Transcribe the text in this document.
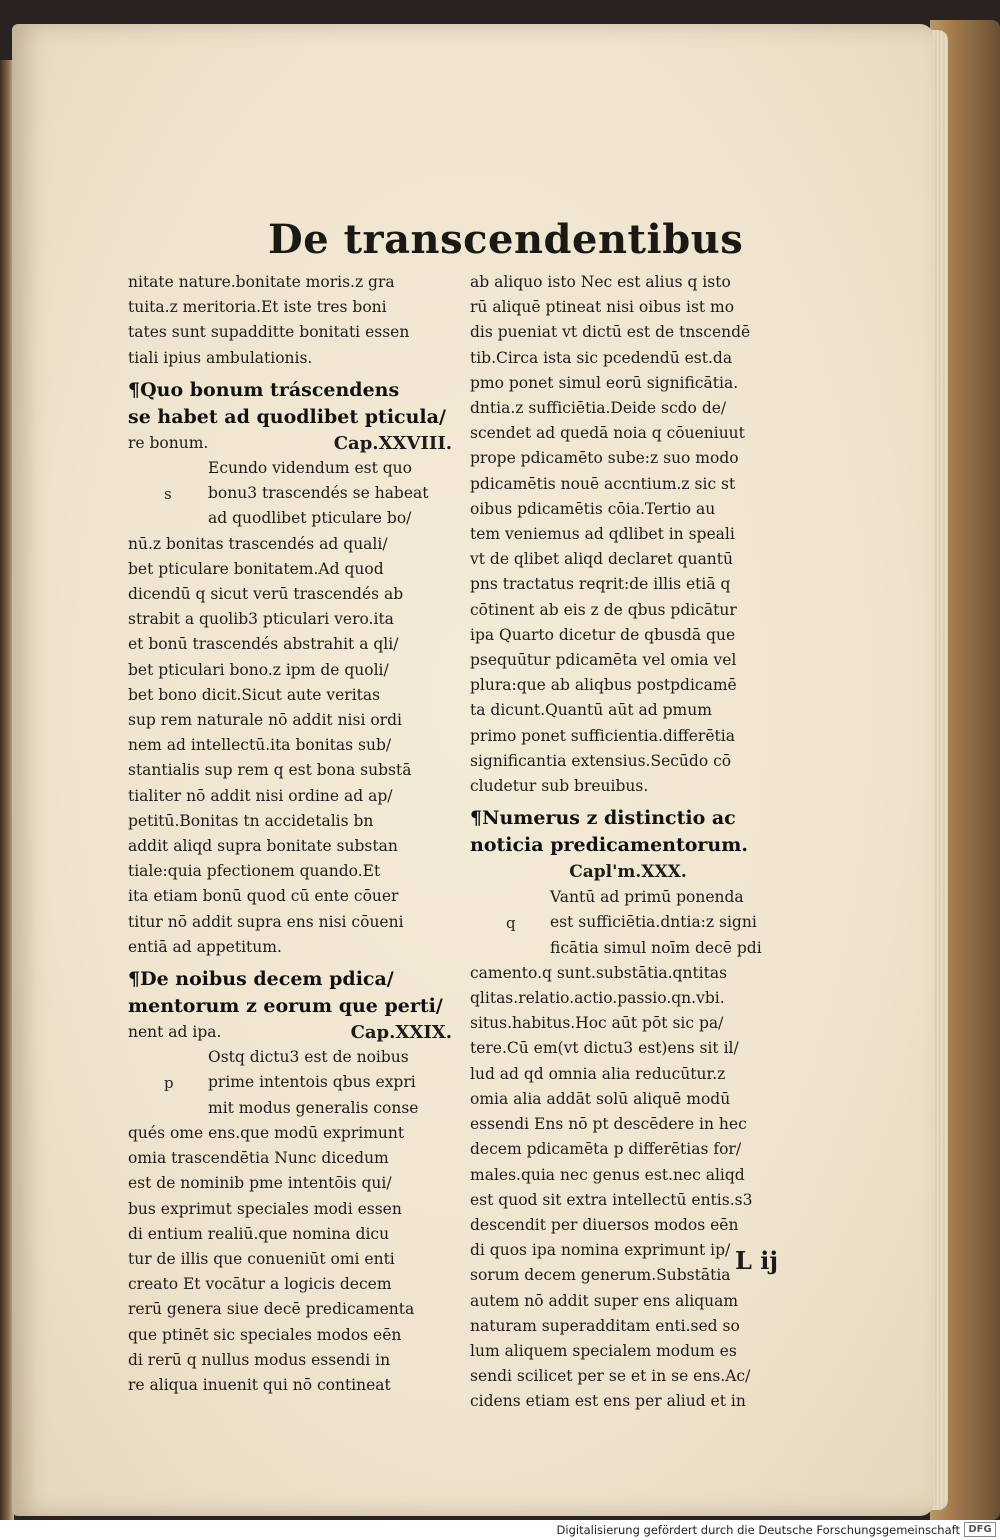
De transcendentibus
nitate nature.bonitate moris.z gra
tuita.z meritoria.Et iste tres boni
tates sunt supadditte bonitati essen
tiali ipius ambulationis.
¶Quo bonum tráscendens
se habet ad quodlibet pticula/
re bonum.	Cap.XXVIII.
s
Ecundo videndum est quo
bonu3 trascendés se habeat
ad quodlibet pticulare bo/
nū.z bonitas trascendés ad quali/
bet pticulare bonitatem.Ad quod
dicendū q sicut verū trascendés ab
strabit a quolib3 pticulari vero.ita
et bonū trascendés abstrahit a qli/
bet pticulari bono.z ipm de quoli/
bet bono dicit.Sicut aute veritas
sup rem naturale nō addit nisi ordi
nem ad intellectū.ita bonitas sub/
stantialis sup rem q est bona substā
tialiter nō addit nisi ordine ad ap/
petitū.Bonitas tn accidetalis bn
addit aliqd supra bonitate substan
tiale:quia pfectionem quando.Et
ita etiam bonū quod cū ente cōuer
titur nō addit supra ens nisi cōueni
entiā ad appetitum.
¶De noibus decem pdica/
mentorum z eorum que perti/
nent ad ipa.	Cap.XXIX.
p
Ostq dictu3 est de noibus
prime intentois qbus expri
mit modus generalis conse
qués ome ens.que modū exprimunt
omia trascendētia Nunc dicedum
est de nominib pme intentōis qui/
bus exprimut speciales modi essen
di entium realiū.que nomina dicu
tur de illis que conueniūt omi enti
creato Et vocātur a logicis decem
rerū genera siue decē predicamenta
que ptinēt sic speciales modos eēn
di rerū q nullus modus essendi in
re aliqua inuenit qui nō contineat
ab aliquo isto Nec est alius q isto
rū aliquē ptineat nisi oibus ist mo
dis pueniat vt dictū est de tnscendē
tib.Circa ista sic pcedendū est.da
pmo ponet simul eorū significātia.
dntia.z sufficiētia.Deide scdo de/
scendet ad quedā noia q cōueniuut
prope pdicamēto sube:z suo modo
pdicamētis nouē accntium.z sic st
oibus pdicamētis cōia.Tertio au
tem veniemus ad qdlibet in speali
vt de qlibet aliqd declaret quantū
pns tractatus reqrit:de illis etiā q
cōtinent ab eis z de qbus pdicātur
ipa Quarto dicetur de qbusdā que
psequūtur pdicamēta vel omia vel
plura:que ab aliqbus postpdicamē
ta dicunt.Quantū aūt ad pmum
primo ponet sufficientia.differētia
significantia extensius.Secūdo cō
cludetur sub breuibus.
¶Numerus z distinctio ac
noticia predicamentorum.
Capl'm.XXX.
q
Vantū ad primū ponenda
est sufficiētia.dntia:z signi
ficātia simul noīm decē pdi
camento.q sunt.substātia.qntitas
qlitas.relatio.actio.passio.qn.vbi.
situs.habitus.Hoc aūt pōt sic pa/
tere.Cū em(vt dictu3 est)ens sit il/
lud ad qd omnia alia reducūtur.z
omia alia addāt solū aliquē modū
essendi Ens nō pt descēdere in hec
decem pdicamēta p differētias for/
males.quia nec genus est.nec aliqd
est quod sit extra intellectū entis.s3
descendit per diuersos modos eēn
di quos ipa nomina exprimunt ip/
sorum decem generum.Substātia
autem nō addit super ens aliquam
naturam superadditam enti.sed so
lum aliquem specialem modum es
sendi scilicet per se et in se ens.Ac/
cidens etiam est ens per aliud et in
L ij
Digitalisierung gefördert durch die Deutsche Forschungsgemeinschaft DFG
